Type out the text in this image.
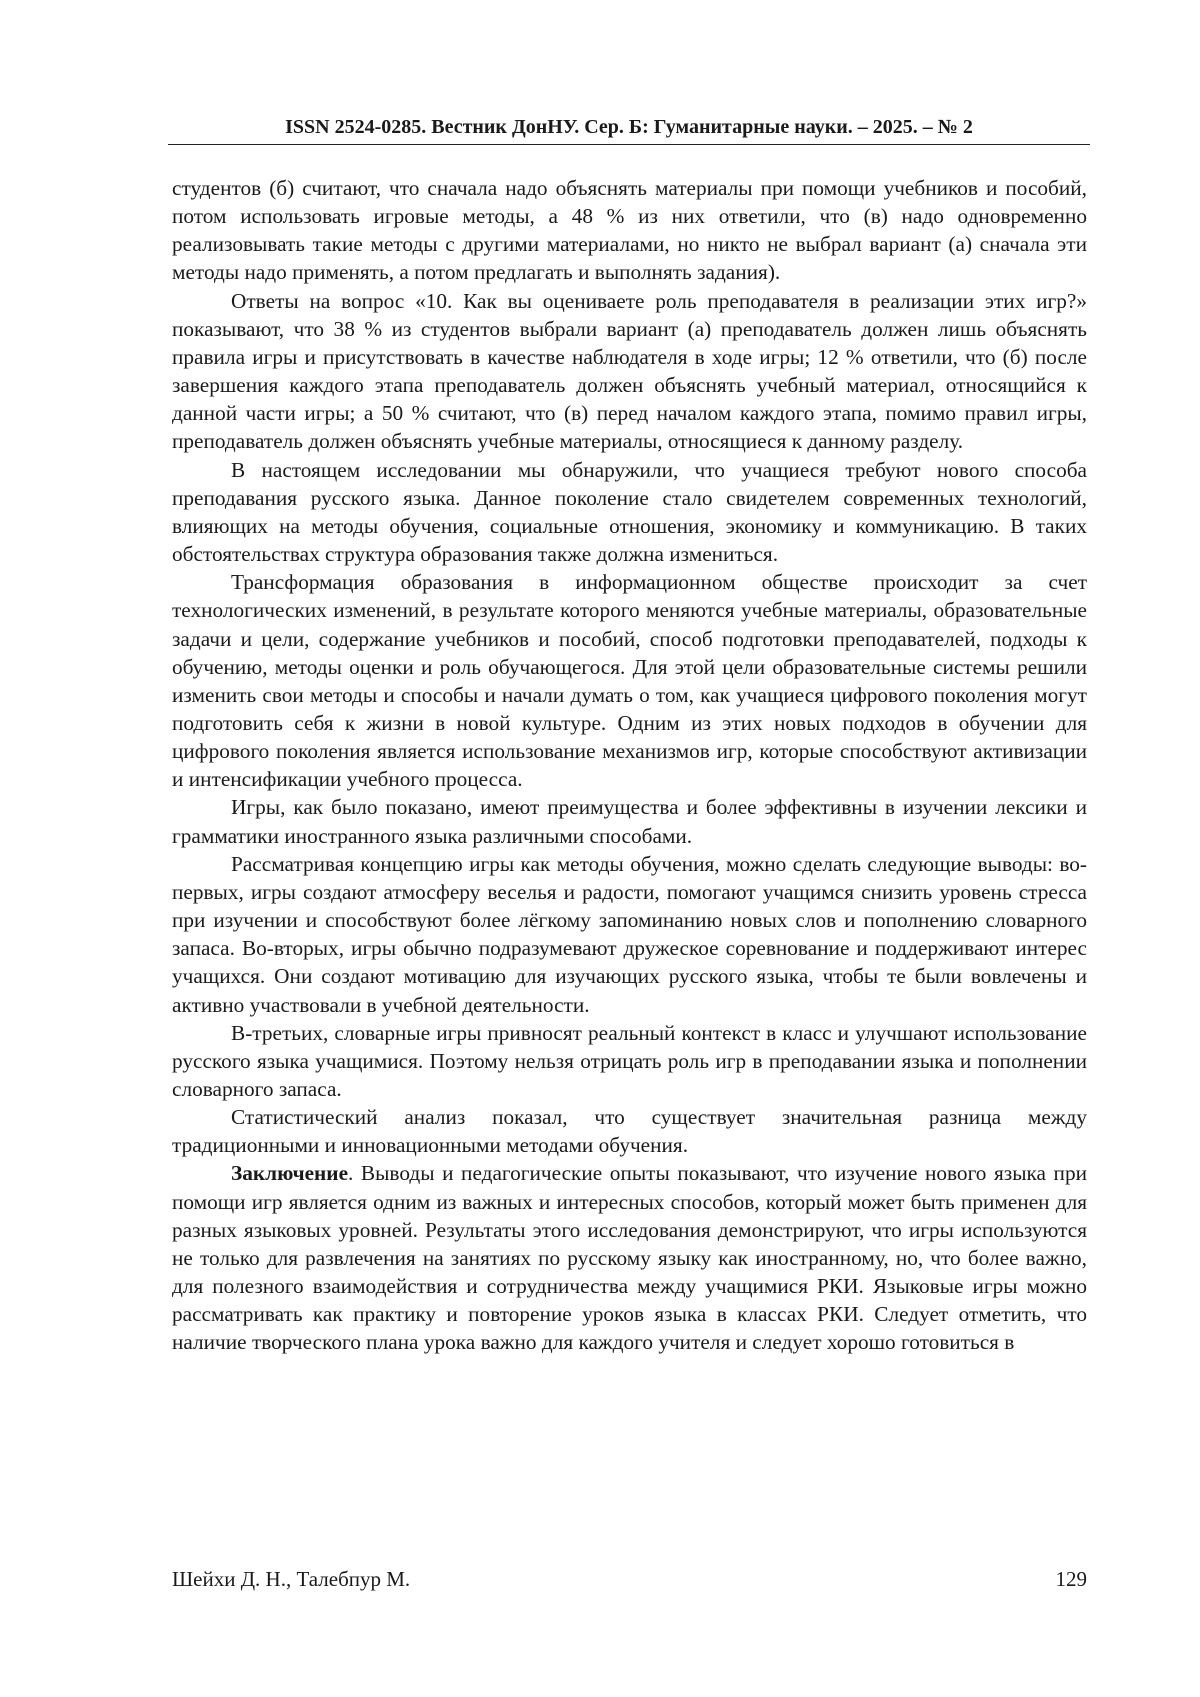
ISSN 2524-0285. Вестник ДонНУ. Сер. Б: Гуманитарные науки. – 2025. – № 2

студентов (б) считают, что сначала надо объяснять материалы при помощи учебников и пособий, потом использовать игровые методы, а 48 % из них ответили, что (в) надо одновременно реализовывать такие методы с другими материалами, но никто не выбрал вариант (а) сначала эти методы надо применять, а потом предлагать и выполнять задания).

Ответы на вопрос «10. Как вы оцениваете роль преподавателя в реализации этих игр?» показывают, что 38 % из студентов выбрали вариант (а) преподаватель должен лишь объяснять правила игры и присутствовать в качестве наблюдателя в ходе игры; 12 % ответили, что (б) после завершения каждого этапа преподаватель должен объяснять учебный материал, относящийся к данной части игры; а 50 % считают, что (в) перед началом каждого этапа, помимо правил игры, преподаватель должен объяснять учебные материалы, относящиеся к данному разделу.

В настоящем исследовании мы обнаружили, что учащиеся требуют нового способа преподавания русского языка. Данное поколение стало свидетелем современных технологий, влияющих на методы обучения, социальные отношения, экономику и коммуникацию. В таких обстоятельствах структура образования также должна измениться.

Трансформация образования в информационном обществе происходит за счет технологических изменений, в результате которого меняются учебные материалы, образовательные задачи и цели, содержание учебников и пособий, способ подготовки преподавателей, подходы к обучению, методы оценки и роль обучающегося. Для этой цели образовательные системы решили изменить свои методы и способы и начали думать о том, как учащиеся цифрового поколения могут подготовить себя к жизни в новой культуре. Одним из этих новых подходов в обучении для цифрового поколения является использование механизмов игр, которые способствуют активизации и интенсификации учебного процесса.

Игры, как было показано, имеют преимущества и более эффективны в изучении лексики и грамматики иностранного языка различными способами.

Рассматривая концепцию игры как методы обучения, можно сделать следующие выводы: во-первых, игры создают атмосферу веселья и радости, помогают учащимся снизить уровень стресса при изучении и способствуют более лёгкому запоминанию новых слов и пополнению словарного запаса. Во-вторых, игры обычно подразумевают дружеское соревнование и поддерживают интерес учащихся. Они создают мотивацию для изучающих русского языка, чтобы те были вовлечены и активно участвовали в учебной деятельности.

В-третьих, словарные игры привносят реальный контекст в класс и улучшают использование русского языка учащимися. Поэтому нельзя отрицать роль игр в преподавании языка и пополнении словарного запаса.

Статистический анализ показал, что существует значительная разница между традиционными и инновационными методами обучения.

Заключение. Выводы и педагогические опыты показывают, что изучение нового языка при помощи игр является одним из важных и интересных способов, который может быть применен для разных языковых уровней. Результаты этого исследования демонстрируют, что игры используются не только для развлечения на занятиях по русскому языку как иностранному, но, что более важно, для полезного взаимодействия и сотрудничества между учащимися РКИ. Языковые игры можно рассматривать как практику и повторение уроков языка в классах РКИ. Следует отметить, что наличие творческого плана урока важно для каждого учителя и следует хорошо готовиться в

Шейхи Д. Н., Талебпур М.	129
